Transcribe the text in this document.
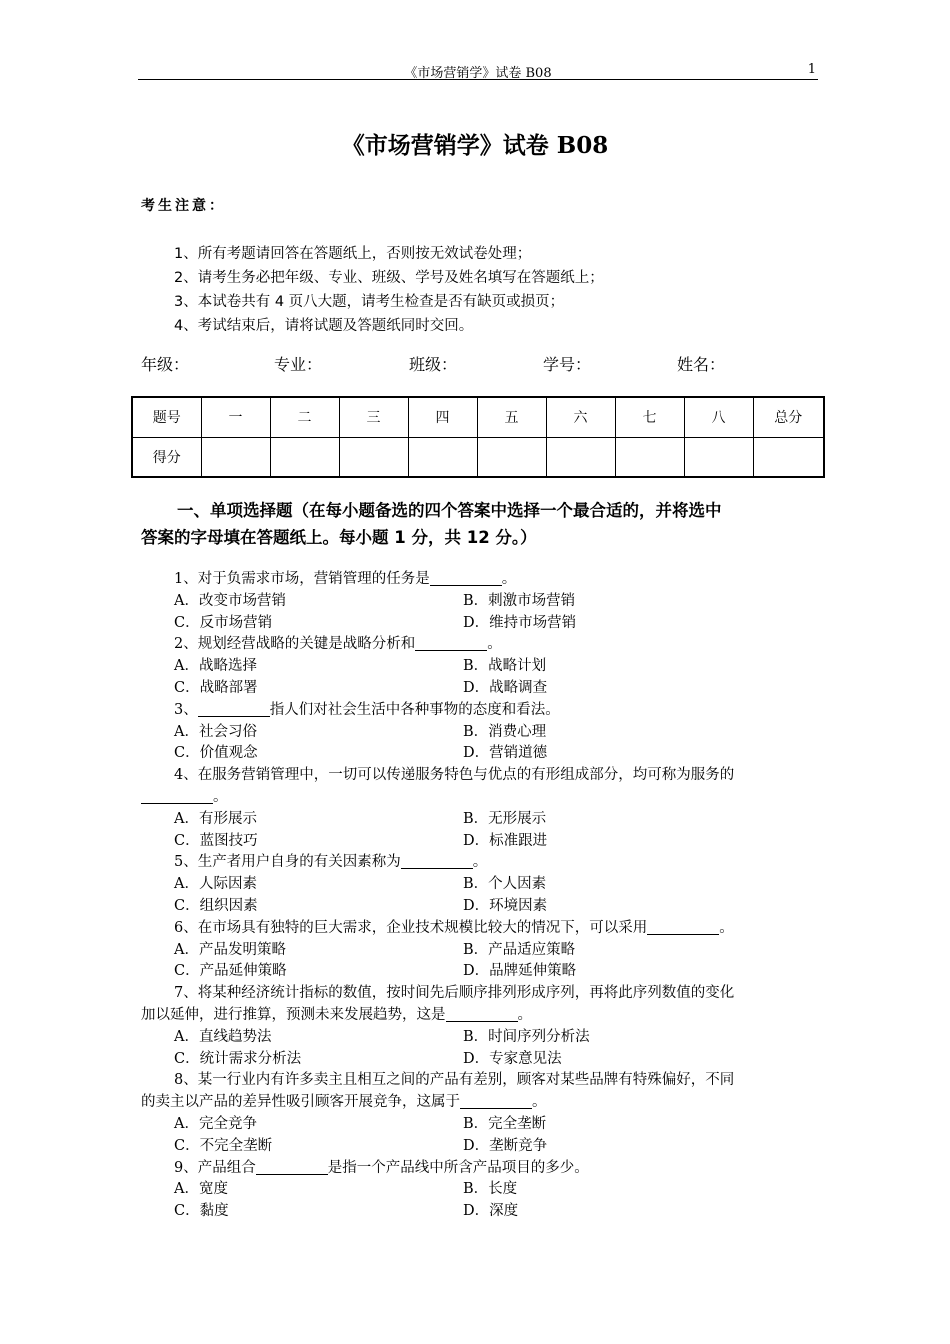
《市场营销学》试卷 B08	1
《市场营销学》试卷 B08
考生注意：
1、所有考题请回答在答题纸上，否则按无效试卷处理；
2、请考生务必把年级、专业、班级、学号及姓名填写在答题纸上；
3、本试卷共有 4 页八大题，请考生检查是否有缺页或损页；
4、考试结束后，请将试题及答题纸同时交回。
年级：	专业：	班级：	学号：	姓名：
题号	一	二	三	四	五	六	七	八	总分
得分									
一、单项选择题（在每小题备选的四个答案中选择一个最合适的，并将选中
答案的字母填在答题纸上。每小题 1 分，共 12 分。）
1、对于负需求市场，营销管理的任务是	。
A．改变市场营销	B．刺激市场营销
C．反市场营销	D．维持市场营销
2、规划经营战略的关键是战略分析和	。
A．战略选择	B．战略计划
C．战略部署	D．战略调查
3、	指人们对社会生活中各种事物的态度和看法。
A．社会习俗	B．消费心理
C．价值观念	D．营销道德
4、在服务营销管理中，一切可以传递服务特色与优点的有形组成部分，均可称为服务的
。
A．有形展示	B．无形展示
C．蓝图技巧	D．标准跟进
5、生产者用户自身的有关因素称为	。
A．人际因素	B．个人因素
C．组织因素	D．环境因素
6、在市场具有独特的巨大需求，企业技术规模比较大的情况下，可以采用	。
A．产品发明策略	B．产品适应策略
C．产品延伸策略	D．品牌延伸策略
7、将某种经济统计指标的数值，按时间先后顺序排列形成序列，再将此序列数值的变化
加以延伸，进行推算，预测未来发展趋势，这是	。
A．直线趋势法	B．时间序列分析法
C．统计需求分析法	D．专家意见法
8、某一行业内有许多卖主且相互之间的产品有差别，顾客对某些品牌有特殊偏好，不同
的卖主以产品的差异性吸引顾客开展竞争，这属于	。
A．完全竞争	B．完全垄断
C．不完全垄断	D．垄断竞争
9、产品组合	是指一个产品线中所含产品项目的多少。
A．宽度	B．长度
C．黏度	D．深度
